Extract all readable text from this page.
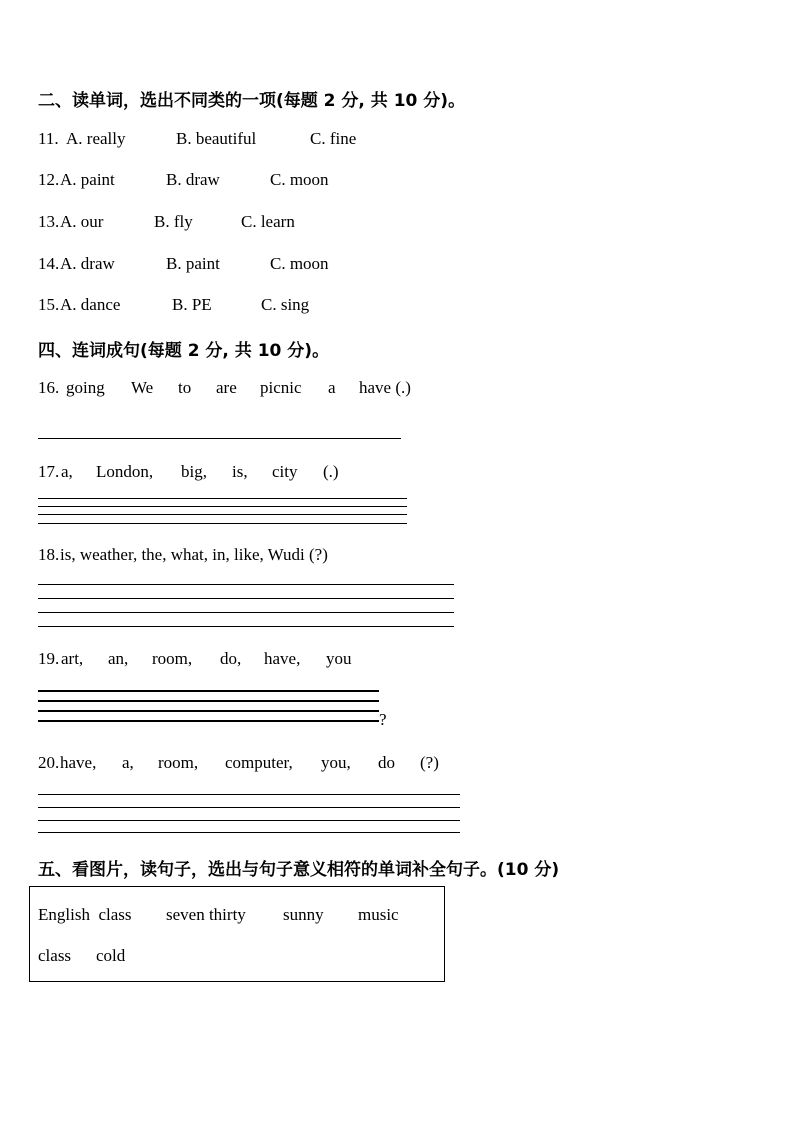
二、读单词，选出不同类的一项(每题 2 分, 共 10 分)。
11. A. really	B. beautiful	C. fine
12. A. paint	B. draw	C. moon
13. A. our	B. fly	C. learn
14. A. draw	B. paint	C. moon
15. A. dance	B. PE	C. sing
四、连词成句(每题 2 分, 共 10 分)。
16. going We to are picnic a have (.)
17. a, London, big, is, city (.)
18. is, weather, the, what, in, like, Wudi (?)
19. art, an, room, do, have, you
?
20. have, a, room, computer, you, do (?)
五、看图片，读句子，选出与句子意义相符的单词补全句子。(10 分)
English  class seven thirty sunny music
class cold
